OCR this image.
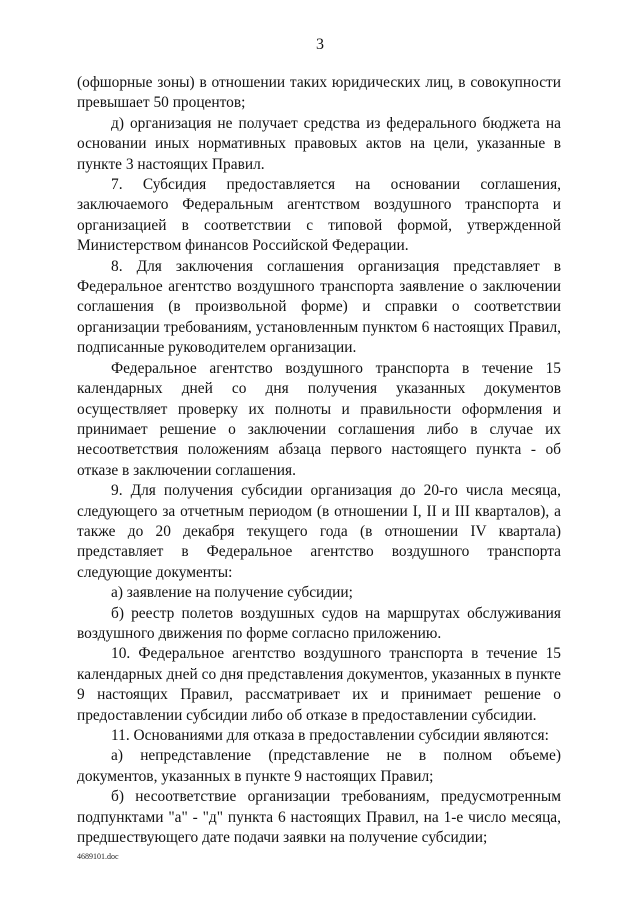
3

(офшорные зоны) в отношении таких юридических лиц, в совокупности превышает 50 процентов;

д) организация не получает средства из федерального бюджета на основании иных нормативных правовых актов на цели, указанные в пункте 3 настоящих Правил.

7. Субсидия предоставляется на основании соглашения, заключаемого Федеральным агентством воздушного транспорта и организацией в соответствии с типовой формой, утвержденной Министерством финансов Российской Федерации.

8. Для заключения соглашения организация представляет в Федеральное агентство воздушного транспорта заявление о заключении соглашения (в произвольной форме) и справки о соответствии организации требованиям, установленным пунктом 6 настоящих Правил, подписанные руководителем организации.

Федеральное агентство воздушного транспорта в течение 15 календарных дней со дня получения указанных документов осуществляет проверку их полноты и правильности оформления и принимает решение о заключении соглашения либо в случае их несоответствия положениям абзаца первого настоящего пункта - об отказе в заключении соглашения.

9. Для получения субсидии организация до 20-го числа месяца, следующего за отчетным периодом (в отношении I, II и III кварталов), а также до 20 декабря текущего года (в отношении IV квартала) представляет в Федеральное агентство воздушного транспорта следующие документы:

а) заявление на получение субсидии;

б) реестр полетов воздушных судов на маршрутах обслуживания воздушного движения по форме согласно приложению.

10. Федеральное агентство воздушного транспорта в течение 15 календарных дней со дня представления документов, указанных в пункте 9 настоящих Правил, рассматривает их и принимает решение о предоставлении субсидии либо об отказе в предоставлении субсидии.

11. Основаниями для отказа в предоставлении субсидии являются:

а) непредставление (представление не в полном объеме) документов, указанных в пункте 9 настоящих Правил;

б) несоответствие организации требованиям, предусмотренным подпунктами "а" - "д" пункта 6 настоящих Правил, на 1-е число месяца, предшествующего дате подачи заявки на получение субсидии;

4689101.doc
